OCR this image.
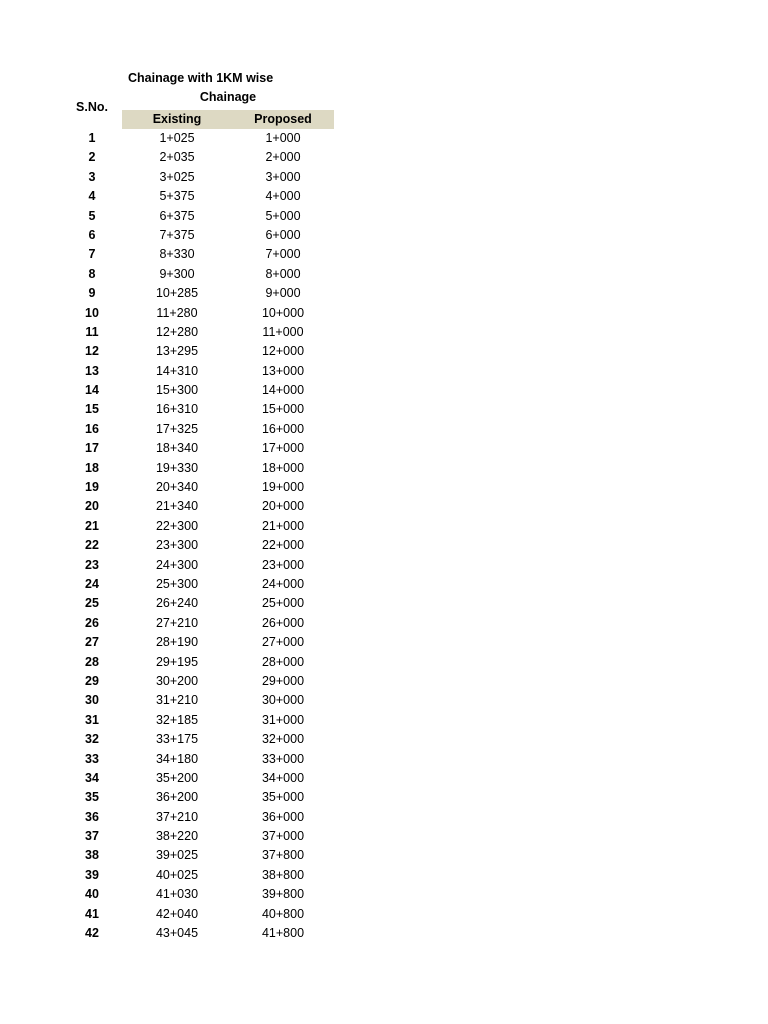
Chainage with 1KM wise
Chainage
S.No.
Existing	Proposed
1	1+025	1+000
2	2+035	2+000
3	3+025	3+000
4	5+375	4+000
5	6+375	5+000
6	7+375	6+000
7	8+330	7+000
8	9+300	8+000
9	10+285	9+000
10	11+280	10+000
11	12+280	11+000
12	13+295	12+000
13	14+310	13+000
14	15+300	14+000
15	16+310	15+000
16	17+325	16+000
17	18+340	17+000
18	19+330	18+000
19	20+340	19+000
20	21+340	20+000
21	22+300	21+000
22	23+300	22+000
23	24+300	23+000
24	25+300	24+000
25	26+240	25+000
26	27+210	26+000
27	28+190	27+000
28	29+195	28+000
29	30+200	29+000
30	31+210	30+000
31	32+185	31+000
32	33+175	32+000
33	34+180	33+000
34	35+200	34+000
35	36+200	35+000
36	37+210	36+000
37	38+220	37+000
38	39+025	37+800
39	40+025	38+800
40	41+030	39+800
41	42+040	40+800
42	43+045	41+800
